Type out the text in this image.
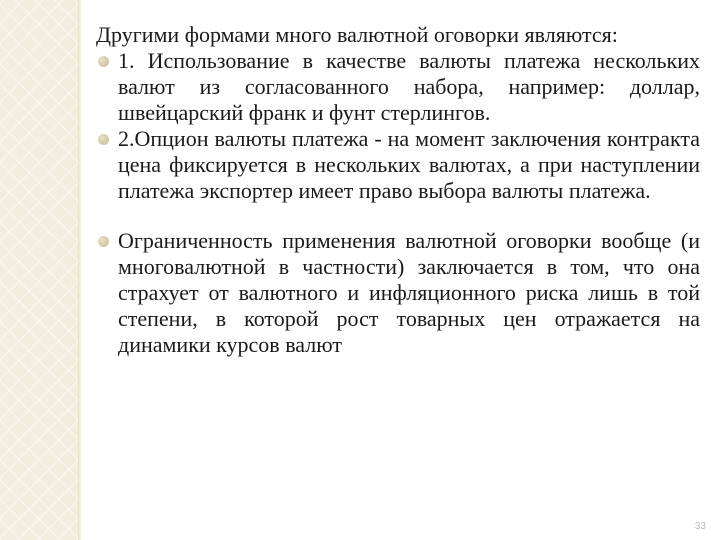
Другими формами много валютной оговорки являются:

1. Использование в качестве валюты платежа нескольких валют из согласованного набора, например: доллар, швейцарский франк и фунт стерлингов.
2.Опцион валюты платежа - на момент заключения контракта цена фиксируется в нескольких валютах, а при наступлении платежа экспортер имеет право выбора валюты платежа.
Ограниченность применения валютной оговорки вообще (и многовалютной в частности) заключается в том, что она страхует от валютного и инфляционного риска лишь в той степени, в которой рост товарных цен отражается на динамики курсов валют
33
